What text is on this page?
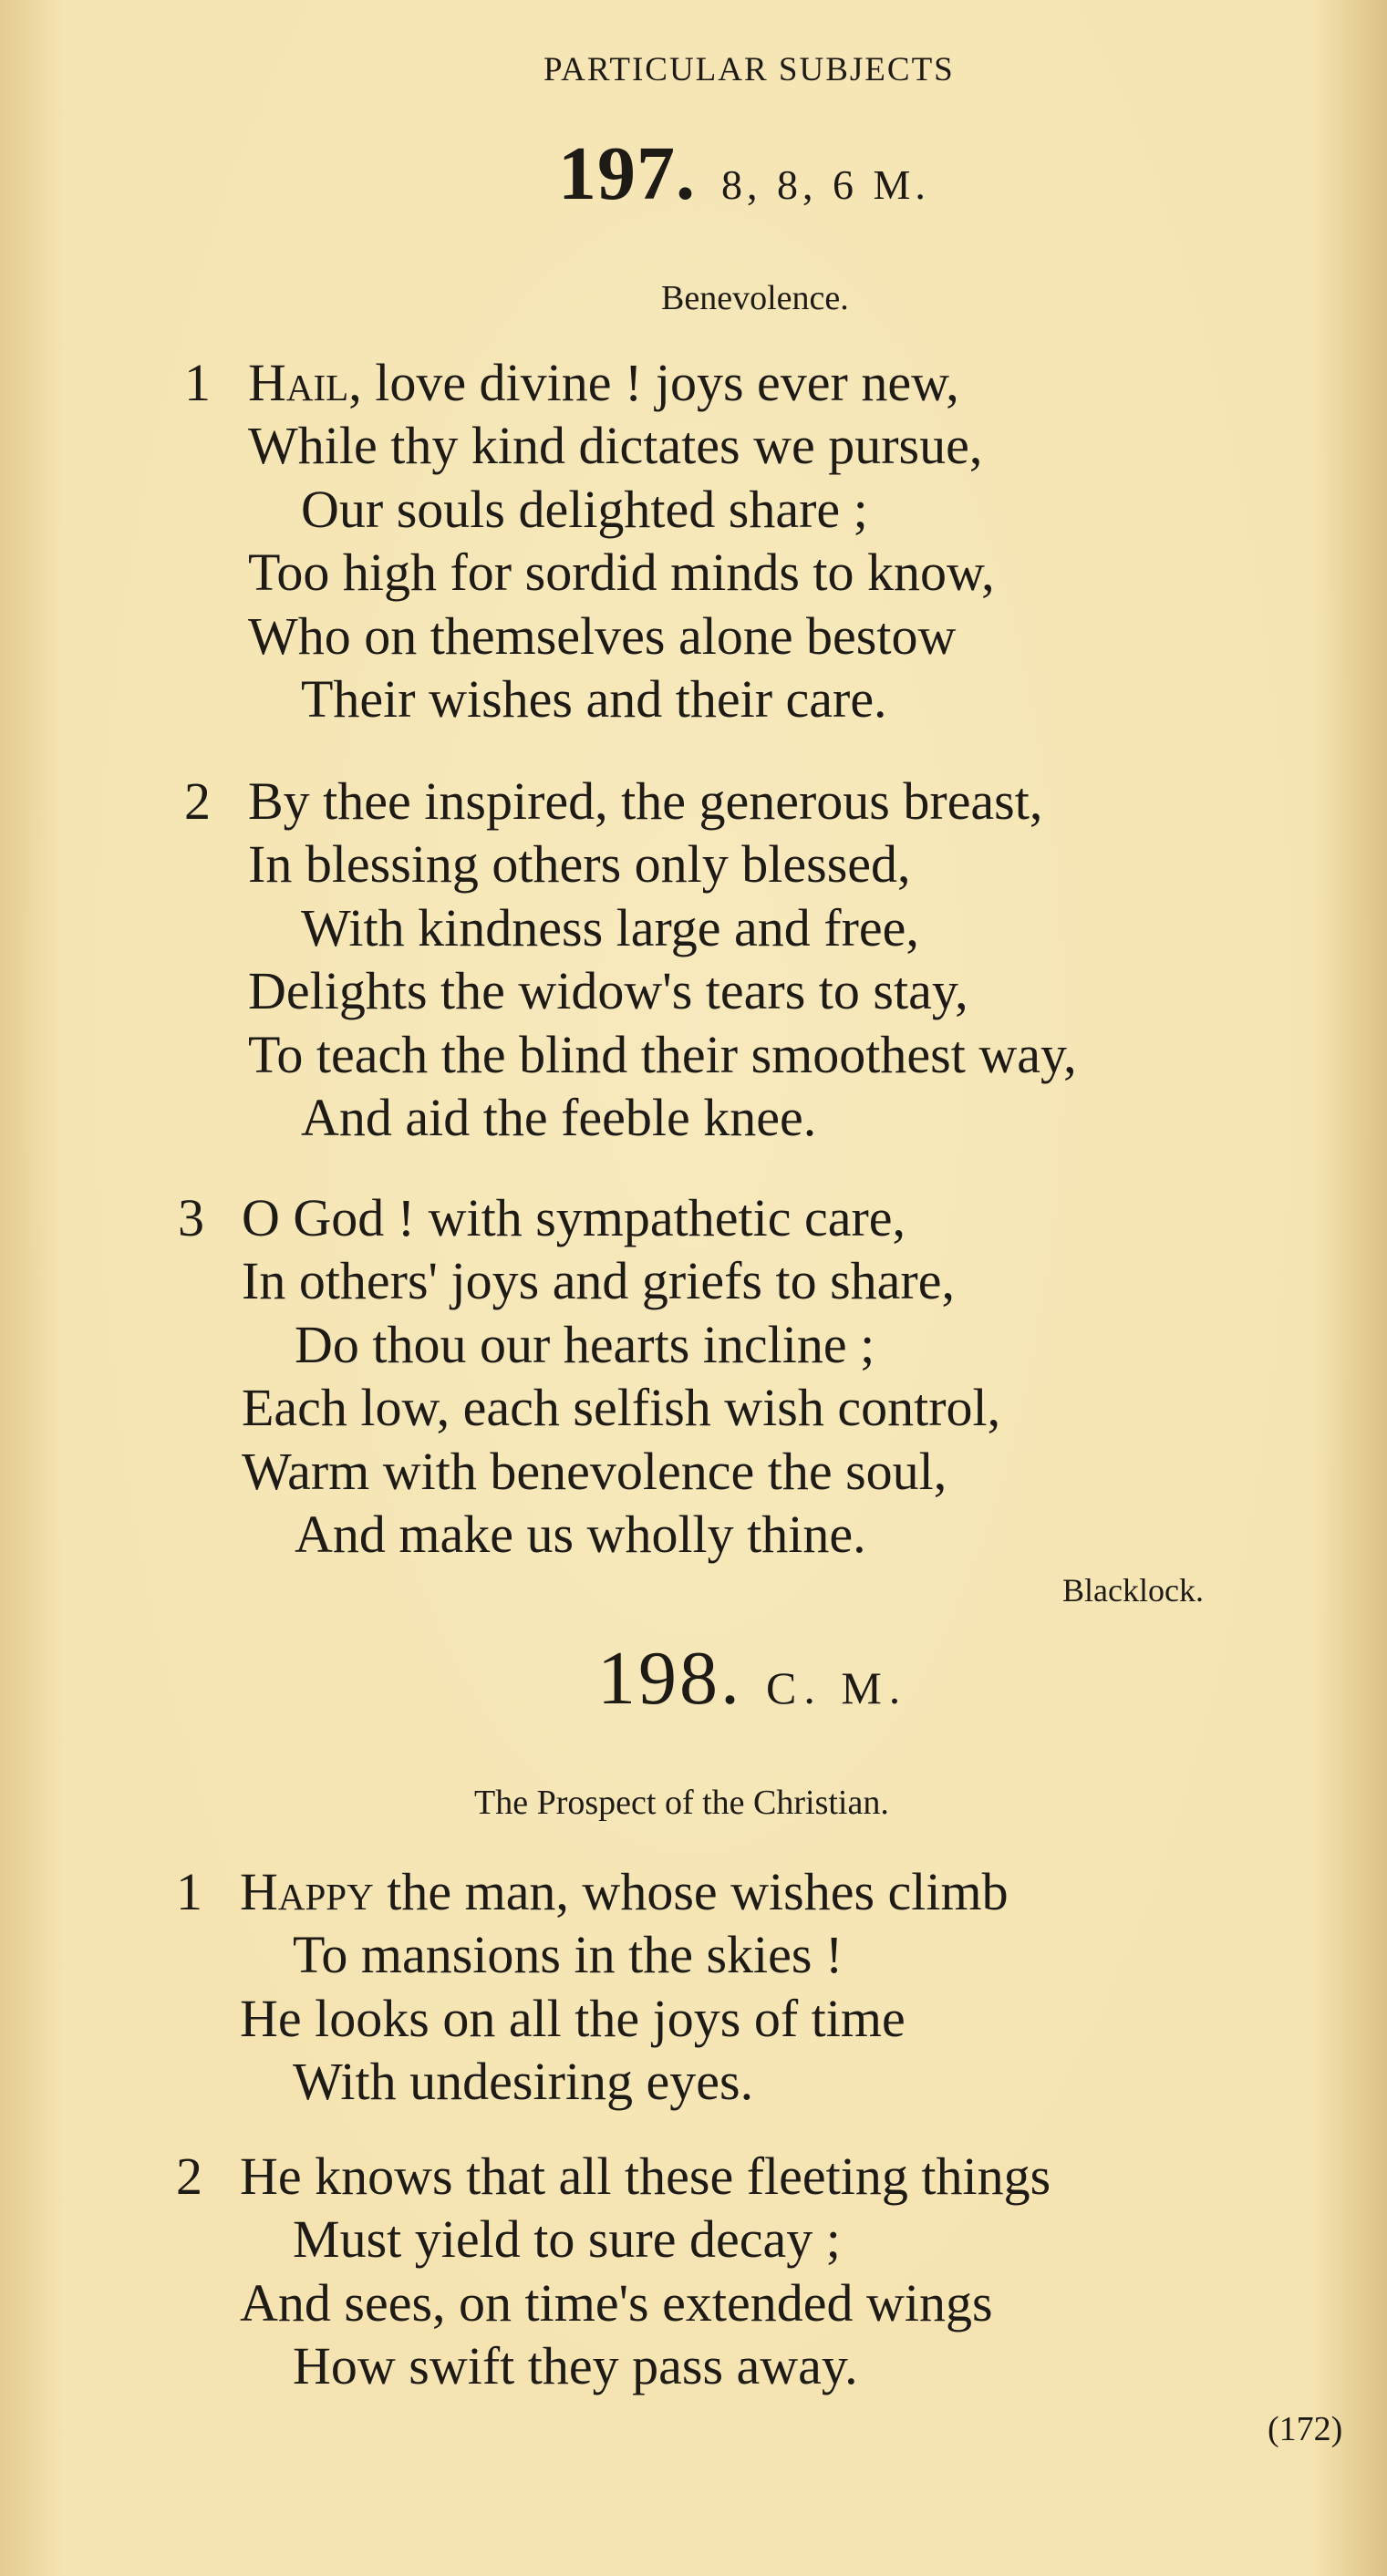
PARTICULAR SUBJECTS
197. 8, 8, 6 M.
Benevolence.
1 Hail, love divine ! joys ever new,
While thy kind dictates we pursue,
Our souls delighted share ;
Too high for sordid minds to know,
Who on themselves alone bestow
Their wishes and their care.
2 By thee inspired, the generous breast,
In blessing others only blessed,
With kindness large and free,
Delights the widow's tears to stay,
To teach the blind their smoothest way,
And aid the feeble knee.
3 O God ! with sympathetic care,
In others' joys and griefs to share,
Do thou our hearts incline ;
Each low, each selfish wish control,
Warm with benevolence the soul,
And make us wholly thine.
Blacklock.
198. C. M.
The Prospect of the Christian.
1 Happy the man, whose wishes climb
To mansions in the skies !
He looks on all the joys of time
With undesiring eyes.
2 He knows that all these fleeting things
Must yield to sure decay ;
And sees, on time's extended wings
How swift they pass away.
(172)
